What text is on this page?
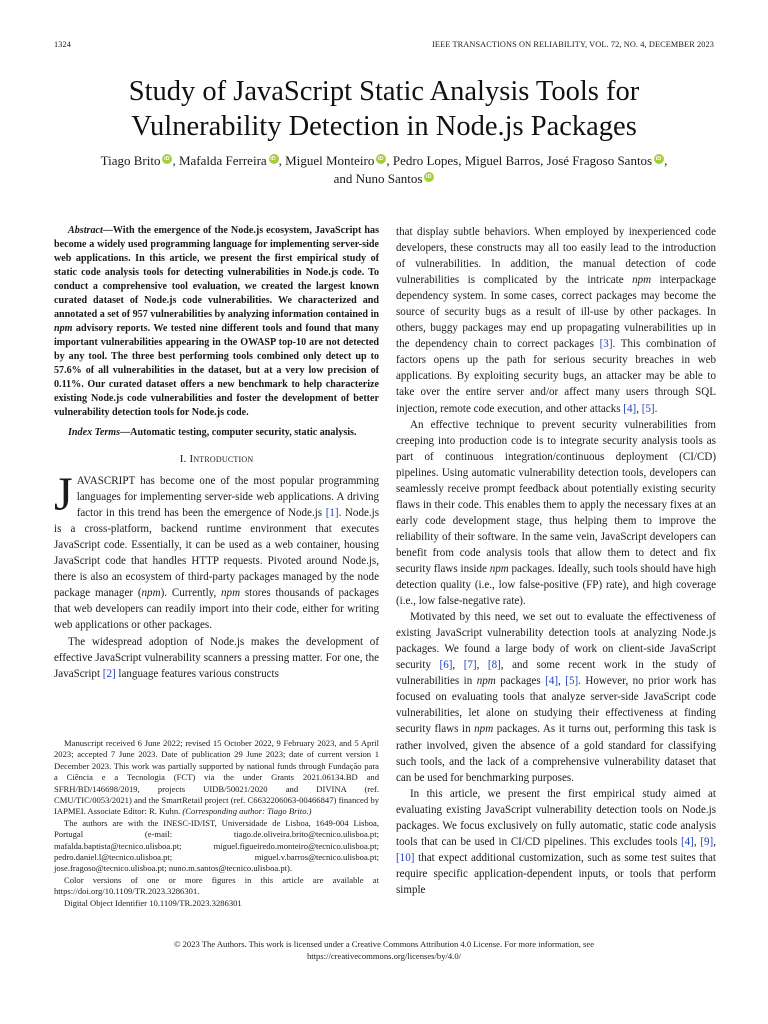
1324	IEEE TRANSACTIONS ON RELIABILITY, VOL. 72, NO. 4, DECEMBER 2023
Study of JavaScript Static Analysis Tools for
Vulnerability Detection in Node.js Packages
Tiago Brito iD , Mafalda Ferreira iD , Miguel Monteiro iD , Pedro Lopes, Miguel Barros, José Fragoso Santos iD ,
and Nuno SantosiD

Abstract—With the emergence of the Node.js ecosystem, JavaScript has become a widely used programming language for implementing server-side web applications. In this article, we present the first empirical study of static code analysis tools for detecting vulnerabilities in Node.js code. To conduct a comprehensive tool evaluation, we created the largest known curated dataset of Node.js code vulnerabilities. We characterized and annotated a set of 957 vulnerabilities by analyzing information contained in npm advisory reports. We tested nine different tools and found that many important vulnerabilities appearing in the OWASP top-10 are not detected by any tool. The three best performing tools combined only detect up to 57.6% of all vulnerabilities in the dataset, but at a very low precision of 0.11%. Our curated dataset offers a new benchmark to help characterize existing Node.js code vulnerabilities and foster the development of better vulnerability detection tools for Node.js code.

Index Terms—Automatic testing, computer security, static analysis.

I. Introduction

JAVASCRIPT has become one of the most popular programming languages for implementing server-side web applications. A driving factor in this trend has been the emergence of Node.js [1]. Node.js is a cross-platform, backend runtime environment that executes JavaScript code. Essentially, it can be used as a web container, housing JavaScript code that handles HTTP requests. Pivoted around Node.js, there is also an ecosystem of third-party packages managed by the node package manager (npm). Currently, npm stores thousands of packages that web developers can readily import into their code, either for writing web applications or other packages.

The widespread adoption of Node.js makes the development of effective JavaScript vulnerability scanners a pressing matter. For one, the JavaScript [2] language features various constructs

Manuscript received 6 June 2022; revised 15 October 2022, 9 February 2023, and 5 April 2023; accepted 7 June 2023. Date of publication 29 June 2023; date of current version 1 December 2023. This work was partially supported by national funds through Fundação para a Ciência e a Tecnologia (FCT) via the under Grants 2021.06134.BD and SFRH/BD/146698/2019, projects UIDB/50021/2020 and DIVINA (ref. CMU/TIC/0053/2021) and the SmartRetail project (ref. C6632206063-00466847) financed by IAPMEI. Associate Editor: R. Kuhn. (Corresponding author: Tiago Brito.)

The authors are with the INESC-ID/IST, Universidade de Lisboa, 1649-004 Lisboa, Portugal (e-mail: tiago.de.oliveira.brito@tecnico.ulisboa.pt; mafalda.baptista@tecnico.ulisboa.pt; miguel.figueiredo.monteiro@tecnico.ulisboa.pt; pedro.daniel.l@tecnico.ulisboa.pt; miguel.v.barros@tecnico.ulisboa.pt; jose.fragoso@tecnico.ulisboa.pt; nuno.m.santos@tecnico.ulisboa.pt).

Color versions of one or more figures in this article are available at https://doi.org/10.1109/TR.2023.3286301.

Digital Object Identifier 10.1109/TR.2023.3286301

that display subtle behaviors. When employed by inexperienced code developers, these constructs may all too easily lead to the introduction of vulnerabilities. In addition, the manual detection of code vulnerabilities is complicated by the intricate npm interpackage dependency system. In some cases, correct packages may become the source of security bugs as a result of ill-use by other packages. In others, buggy packages may end up propagating vulnerabilities up in the dependency chain to correct packages [3]. This combination of factors opens up the path for serious security breaches in web applications. By exploiting security bugs, an attacker may be able to take over the entire server and/or affect many users through SQL injection, remote code execution, and other attacks [4], [5].

An effective technique to prevent security vulnerabilities from creeping into production code is to integrate security analysis tools as part of continuous integration/continuous deployment (CI/CD) pipelines. Using automatic vulnerability detection tools, developers can seamlessly receive prompt feedback about potentially existing security flaws in their code. This enables them to apply the necessary fixes at an early code development stage, thus helping them to improve the reliability of their software. In the same vein, JavaScript developers can benefit from code analysis tools that allow them to detect and fix security flaws inside npm packages. Ideally, such tools should have high detection quality (i.e., low false-positive (FP) rate), and high coverage (i.e., low false-negative rate).

Motivated by this need, we set out to evaluate the effectiveness of existing JavaScript vulnerability detection tools at analyzing Node.js packages. We found a large body of work on client-side JavaScript security [6], [7], [8], and some recent work in the study of vulnerabilities in npm packages [4], [5]. However, no prior work has focused on evaluating tools that analyze server-side JavaScript code vulnerabilities, let alone on studying their effectiveness at finding security flaws in npm packages. As it turns out, performing this task is rather involved, given the absence of a gold standard for classifying such tools, and the lack of a comprehensive vulnerability dataset that can be used for benchmarking purposes.

In this article, we present the first empirical study aimed at evaluating existing JavaScript vulnerability detection tools on Node.js packages. We focus exclusively on fully automatic, static code analysis tools that can be used in CI/CD pipelines. This excludes tools [4], [9], [10] that expect additional customization, such as some test suites that require specific application-dependent inputs, or tools that perform simple

© 2023 The Authors. This work is licensed under a Creative Commons Attribution 4.0 License. For more information, see
https://creativecommons.org/licenses/by/4.0/
